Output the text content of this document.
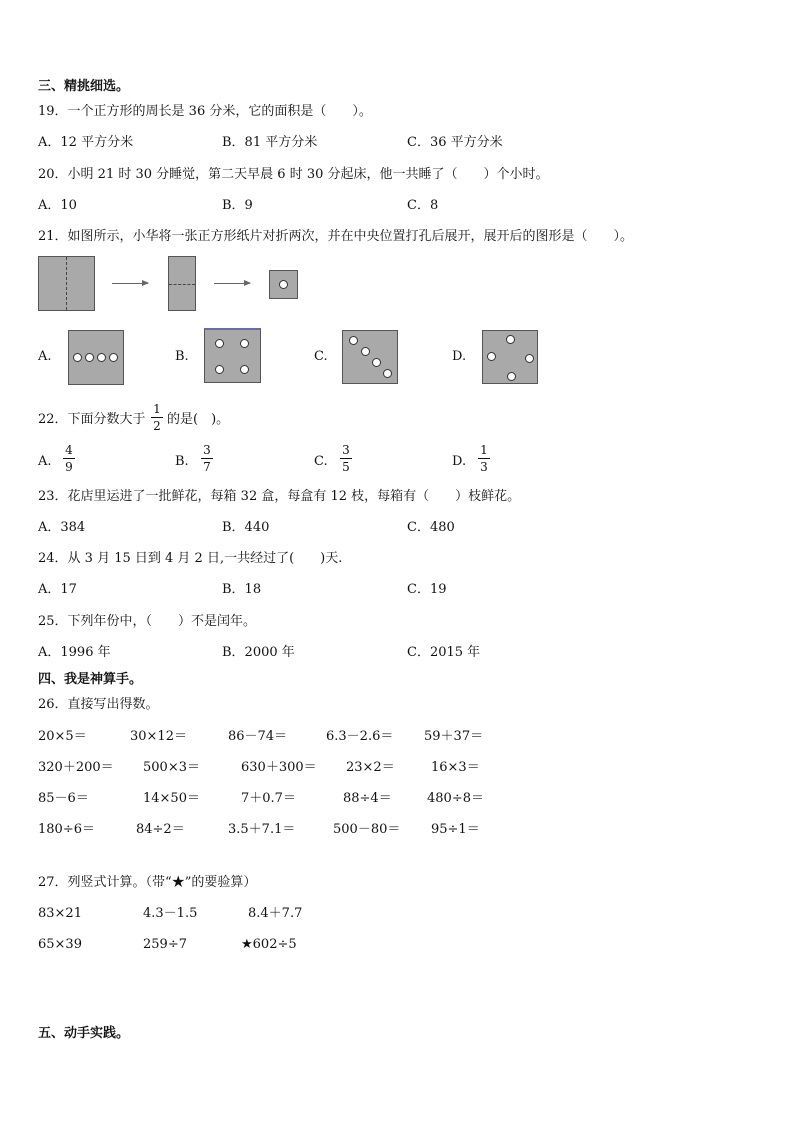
三、精挑细选。
19．一个正方形的周长是 36 分米，它的面积是（　　）。
A．12 平方分米	B．81 平方分米	C．36 平方分米
20．小明 21 时 30 分睡觉，第二天早晨 6 时 30 分起床，他一共睡了（　　）个小时。
A．10	B．9	C．8
21．如图所示，小华将一张正方形纸片对折两次，并在中央位置打孔后展开，展开后的图形是（　　）。
A.	B.	C.	D.
22．下面分数大于
1
2 的是(　)。
A.
4
9	B.
3
7	C.
3
5	D.
1
3
23．花店里运进了一批鲜花，每箱 32 盒，每盒有 12 枝，每箱有（　　）枝鲜花。
A．384	B．440	C．480
24．从 3 月 15 日到 4 月 2 日,一共经过了(　　)天.
A．17	B．18	C．19
25．下列年份中，（　　）不是闰年。
A．1996 年	B．2000 年	C．2015 年
四、我是神算手。
26．直接写出得数。
20×5＝	30×12＝	86－74＝	6.3－2.6＝ 59＋37＝
320＋200＝ 500×3＝	630＋300＝ 23×2＝	16×3＝
85－6＝	14×50＝	7＋0.7＝	88÷4＝	480÷8＝
180÷6＝	84÷2＝	3.5＋7.1＝	500－80＝ 95÷1＝
27．列竖式计算。（带“★”的要验算）
83×21	4.3－1.5	8.4＋7.7
65×39	259÷7	★602÷5
五、动手实践。
